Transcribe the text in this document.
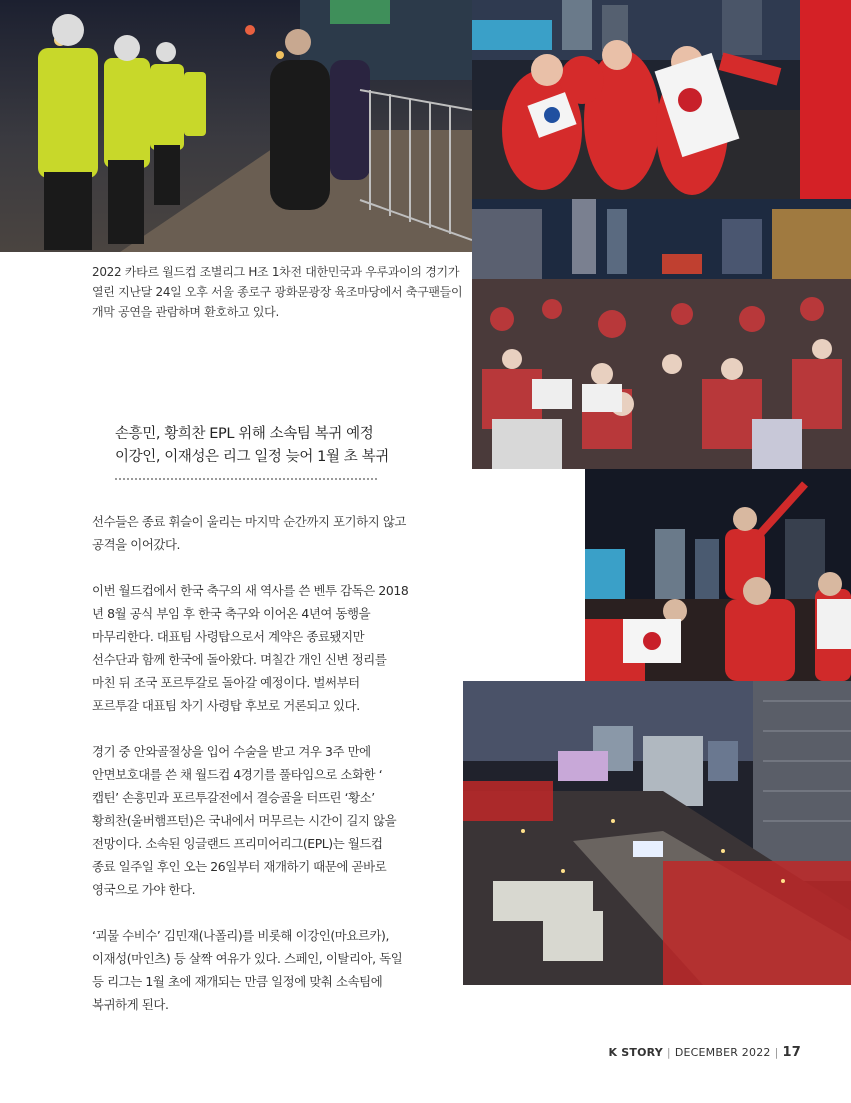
2022 카타르 월드컵 조별리그 H조 1차전 대한민국과 우루과이의 경기가

열린 지난달 24일 오후 서울 종로구 광화문광장 육조마당에서 축구팬들이

개막 공연을 관람하며 환호하고 있다.

손흥민, 황희찬 EPL 위해 소속팀 복귀 예정

이강인, 이재성은 리그 일정 늦어 1월 초 복귀

선수들은 종료 휘슬이 울리는 마지막 순간까지 포기하지 않고

공격을 이어갔다.

이번 월드컵에서 한국 축구의 새 역사를 쓴 벤투 감독은 2018

년 8월 공식 부임 후 한국 축구와 이어온 4년여 동행을

마무리한다. 대표팀 사령탑으로서 계약은 종료됐지만

선수단과 함께 한국에 돌아왔다. 며칠간 개인 신변 정리를

마친 뒤 조국 포르투갈로 돌아갈 예정이다. 벌써부터

포르투갈 대표팀 차기 사령탑 후보로 거론되고 있다.

경기 중 안와골절상을 입어 수술을 받고 겨우 3주 만에

안면보호대를 쓴 채 월드컵 4경기를 풀타임으로 소화한 ‘

캡틴’ 손흥민과 포르투갈전에서 결승골을 터뜨린 ‘황소’

황희찬(울버햄프턴)은 국내에서 머무르는 시간이 길지 않을

전망이다. 소속된 잉글랜드 프리미어리그(EPL)는 월드컵

종료 일주일 후인 오는 26일부터 재개하기 때문에 곧바로

영국으로 가야 한다.

‘괴물 수비수’ 김민재(나폴리)를 비롯해 이강인(마요르카),

이재성(마인츠) 등 살짝 여유가 있다. 스페인, 이탈리아, 독일

등 리그는 1월 초에 재개되는 만큼 일정에 맞춰 소속팀에

복귀하게 된다.

K STORY | DECEMBER 2022 | 17
